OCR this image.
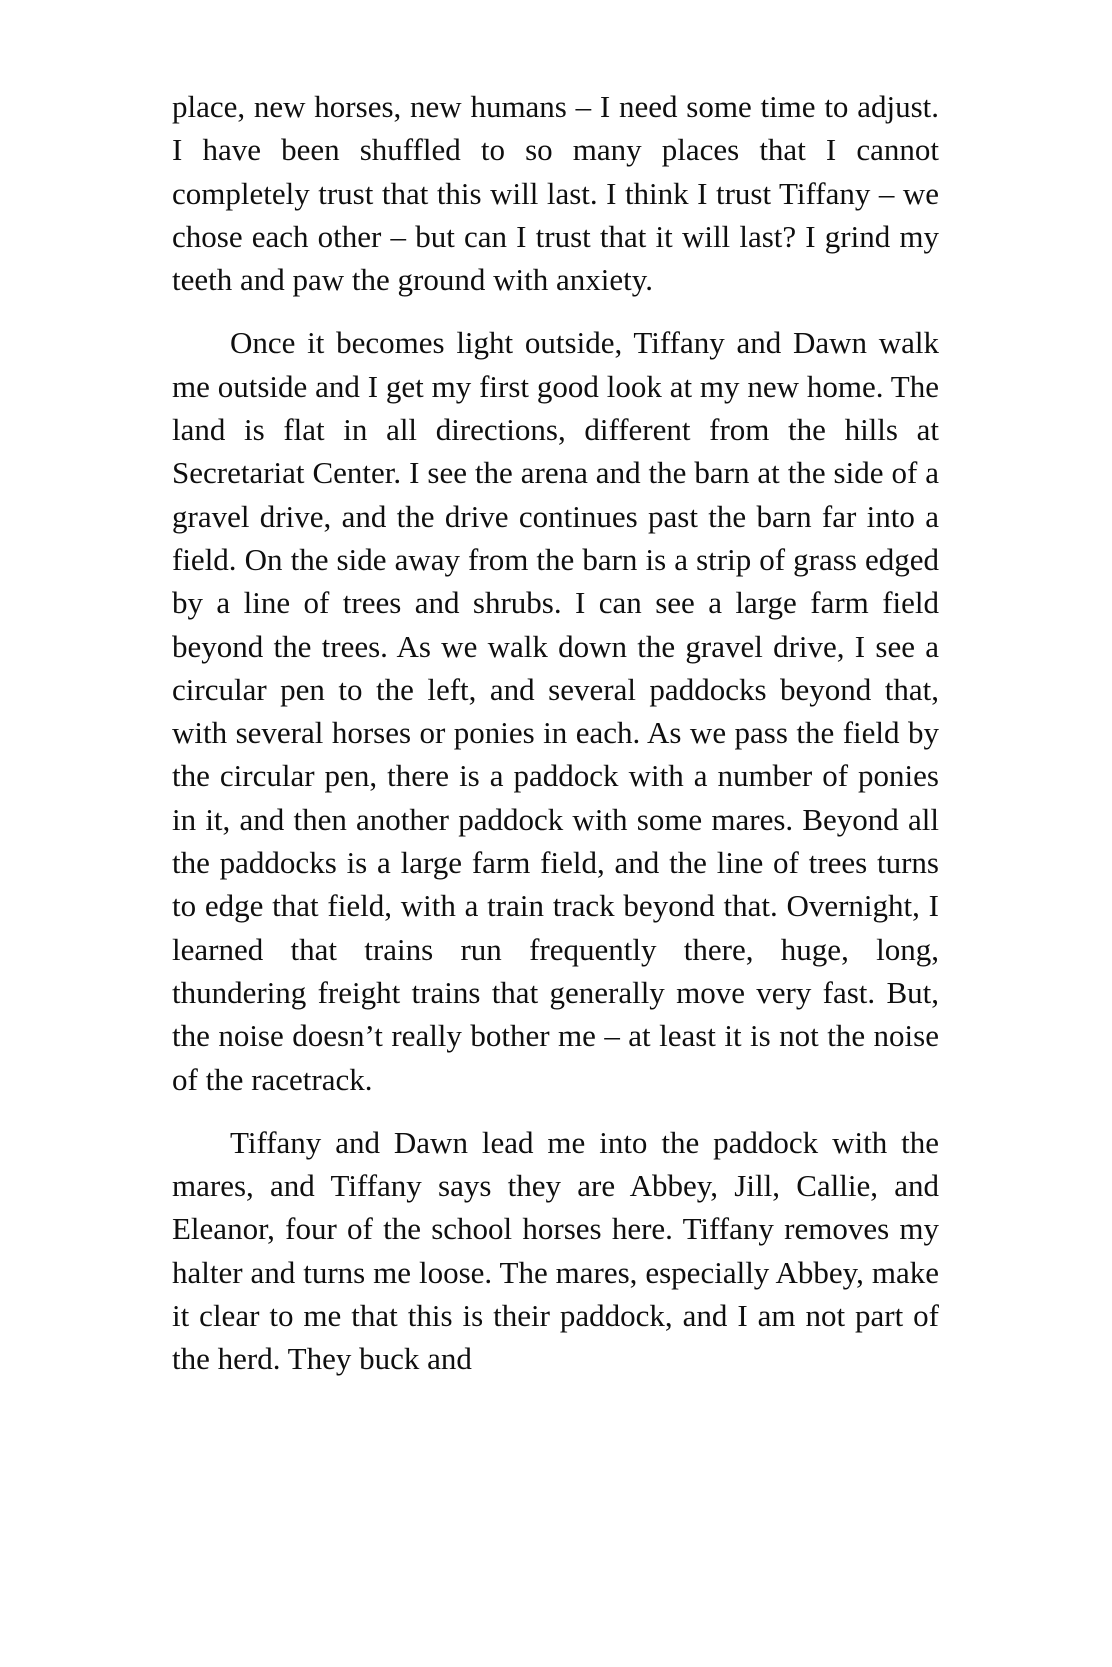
place, new horses, new humans – I need some time to adjust. I have been shuffled to so many places that I cannot completely trust that this will last. I think I trust Tiffany – we chose each other – but can I trust that it will last? I grind my teeth and paw the ground with anxiety.

Once it becomes light outside, Tiffany and Dawn walk me outside and I get my first good look at my new home. The land is flat in all directions, different from the hills at Secretariat Center. I see the arena and the barn at the side of a gravel drive, and the drive continues past the barn far into a field. On the side away from the barn is a strip of grass edged by a line of trees and shrubs. I can see a large farm field beyond the trees. As we walk down the gravel drive, I see a circular pen to the left, and several paddocks beyond that, with several horses or ponies in each. As we pass the field by the circular pen, there is a paddock with a number of ponies in it, and then another paddock with some mares. Beyond all the paddocks is a large farm field, and the line of trees turns to edge that field, with a train track beyond that. Overnight, I learned that trains run frequently there, huge, long, thundering freight trains that generally move very fast. But, the noise doesn’t really bother me – at least it is not the noise of the racetrack.

Tiffany and Dawn lead me into the paddock with the mares, and Tiffany says they are Abbey, Jill, Callie, and Eleanor, four of the school horses here. Tiffany removes my halter and turns me loose. The mares, especially Abbey, make it clear to me that this is their paddock, and I am not part of the herd. They buck and
